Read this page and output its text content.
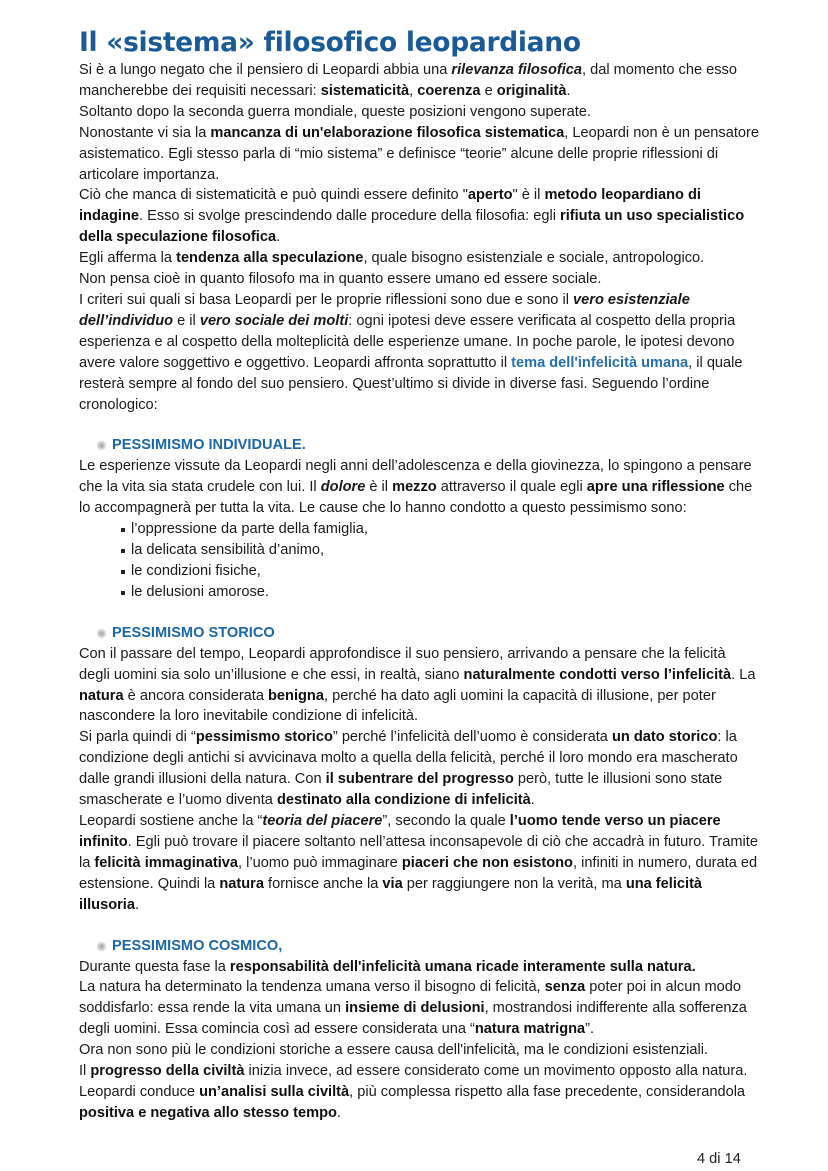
Il «sistema» filosofico leopardiano

Si è a lungo negato che il pensiero di Leopardi abbia una rilevanza filosofica, dal momento che esso mancherebbe dei requisiti necessari: sistematicità, coerenza e originalità.

Soltanto dopo la seconda guerra mondiale, queste posizioni vengono superate.

Nonostante vi sia la mancanza di un'elaborazione filosofica sistematica, Leopardi non è un pensatore asistematico. Egli stesso parla di “mio sistema” e definisce “teorie” alcune delle proprie riflessioni di articolare importanza.

Ciò che manca di sistematicità e può quindi essere definito "aperto" è il metodo leopardiano di indagine. Esso si svolge prescindendo dalle procedure della filosofia: egli rifiuta un uso specialistico della speculazione filosofica.

Egli afferma la tendenza alla speculazione, quale bisogno esistenziale e sociale, antropologico.

Non pensa cioè in quanto filosofo ma in quanto essere umano ed essere sociale.

I criteri sui quali si basa Leopardi per le proprie riflessioni sono due e sono il vero esistenziale dell’individuo e il vero sociale dei molti: ogni ipotesi deve essere verificata al cospetto della propria esperienza e al cospetto della molteplicità delle esperienze umane. In poche parole, le ipotesi devono avere valore soggettivo e oggettivo. Leopardi affronta soprattutto il tema dell'infelicità umana, il quale resterà sempre al fondo del suo pensiero. Quest’ultimo si divide in diverse fasi. Seguendo l’ordine cronologico:

PESSIMISMO INDIVIDUALE.

Le esperienze vissute da Leopardi negli anni dell’adolescenza e della giovinezza, lo spingono a pensare che la vita sia stata crudele con lui. Il dolore è il mezzo attraverso il quale egli apre una riflessione che lo accompagnerà per tutta la vita. Le cause che lo hanno condotto a questo pessimismo sono:

l’oppressione da parte della famiglia,
la delicata sensibilità d’animo,
le condizioni fisiche,
le delusioni amorose.
PESSIMISMO STORICO

Con il passare del tempo, Leopardi approfondisce il suo pensiero, arrivando a pensare che la felicità degli uomini sia solo un’illusione e che essi, in realtà, siano naturalmente condotti verso l’infelicità. La natura è ancora considerata benigna, perché ha dato agli uomini la capacità di illusione, per poter nascondere la loro inevitabile condizione di infelicità.

Si parla quindi di “pessimismo storico” perché l’infelicità dell’uomo è considerata un dato storico: la condizione degli antichi si avvicinava molto a quella della felicità, perché il loro mondo era mascherato dalle grandi illusioni della natura. Con il subentrare del progresso però, tutte le illusioni sono state smascherate e l’uomo diventa destinato alla condizione di infelicità.

Leopardi sostiene anche la “teoria del piacere”, secondo la quale l’uomo tende verso un piacere infinito. Egli può trovare il piacere soltanto nell’attesa inconsapevole di ciò che accadrà in futuro. Tramite la felicità immaginativa, l’uomo può immaginare piaceri che non esistono, infiniti in numero, durata ed estensione. Quindi la natura fornisce anche la via per raggiungere non la verità, ma una felicità illusoria.

PESSIMISMO COSMICO,

Durante questa fase la responsabilità dell'infelicità umana ricade interamente sulla natura.

La natura ha determinato la tendenza umana verso il bisogno di felicità, senza poter poi in alcun modo soddisfarlo: essa rende la vita umana un insieme di delusioni, mostrandosi indifferente alla sofferenza degli uomini. Essa comincia così ad essere considerata una “natura matrigna”.

Ora non sono più le condizioni storiche a essere causa dell'infelicità, ma le condizioni esistenziali.

Il progresso della civiltà inizia invece, ad essere considerato come un movimento opposto alla natura. Leopardi conduce un’analisi sulla civiltà, più complessa rispetto alla fase precedente, considerandola positiva e negativa allo stesso tempo.

4 di 14
